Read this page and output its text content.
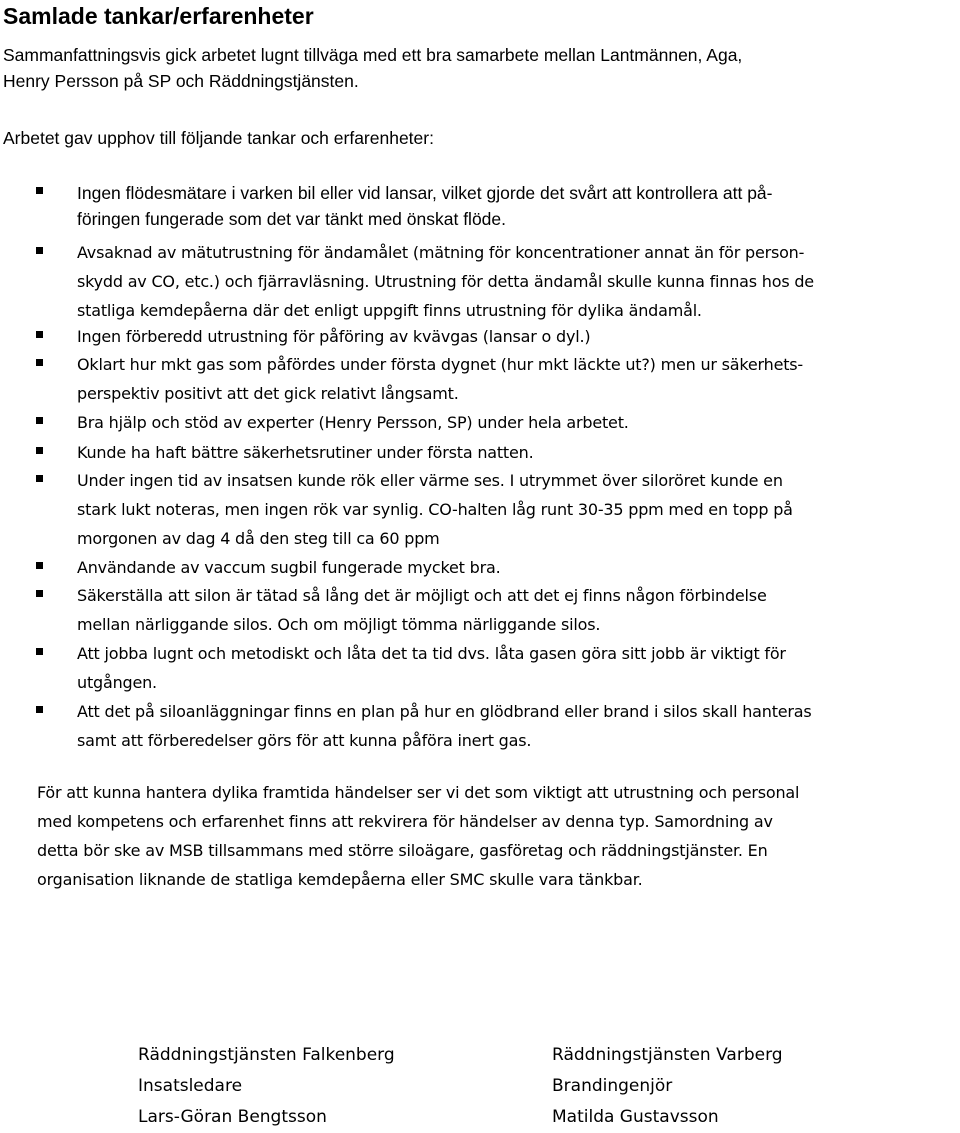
Samlade tankar/erfarenheter

Sammanfattningsvis gick arbetet lugnt tillväga med ett bra samarbete mellan Lantmännen, Aga,
Henry Persson på SP och Räddningstjänsten.

Arbetet gav upphov till följande tankar och erfarenheter:

Ingen flödesmätare i varken bil eller vid lansar, vilket gjorde det svårt att kontrollera att på-
föringen fungerade som det var tänkt med önskat flöde.

Avsaknad av mätutrustning för ändamålet (mätning för koncentrationer annat än för person-
skydd av CO, etc.) och fjärravläsning. Utrustning för detta ändamål skulle kunna finnas hos de
statliga kemdepåerna där det enligt uppgift finns utrustning för dylika ändamål.

Ingen förberedd utrustning för påföring av kvävgas (lansar o dyl.)

Oklart hur mkt gas som påfördes under första dygnet (hur mkt läckte ut?) men ur säkerhets-
perspektiv positivt att det gick relativt långsamt.

Bra hjälp och stöd av experter (Henry Persson, SP) under hela arbetet.

Kunde ha haft bättre säkerhetsrutiner under första natten.

Under ingen tid av insatsen kunde rök eller värme ses. I utrymmet över siloröret kunde en
stark lukt noteras, men ingen rök var synlig. CO-halten låg runt 30-35 ppm med en topp på
morgonen av dag 4 då den steg till ca 60 ppm

Användande av vaccum sugbil fungerade mycket bra.

Säkerställa att silon är tätad så lång det är möjligt och att det ej finns någon förbindelse
mellan närliggande silos. Och om möjligt tömma närliggande silos.

Att jobba lugnt och metodiskt och låta det ta tid dvs. låta gasen göra sitt jobb är viktigt för
utgången.

Att det på siloanläggningar finns en plan på hur en glödbrand eller brand i silos skall hanteras
samt att förberedelser görs för att kunna påföra inert gas.

För att kunna hantera dylika framtida händelser ser vi det som viktigt att utrustning och personal
med kompetens och erfarenhet finns att rekvirera för händelser av denna typ. Samordning av
detta bör ske av MSB tillsammans med större siloägare, gasföretag och räddningstjänster. En
organisation liknande de statliga kemdepåerna eller SMC skulle vara tänkbar.

Räddningstjänsten Falkenberg
Insatsledare
Lars-Göran Bengtsson
Räddningstjänsten Varberg
Brandingenjör
Matilda Gustavsson
